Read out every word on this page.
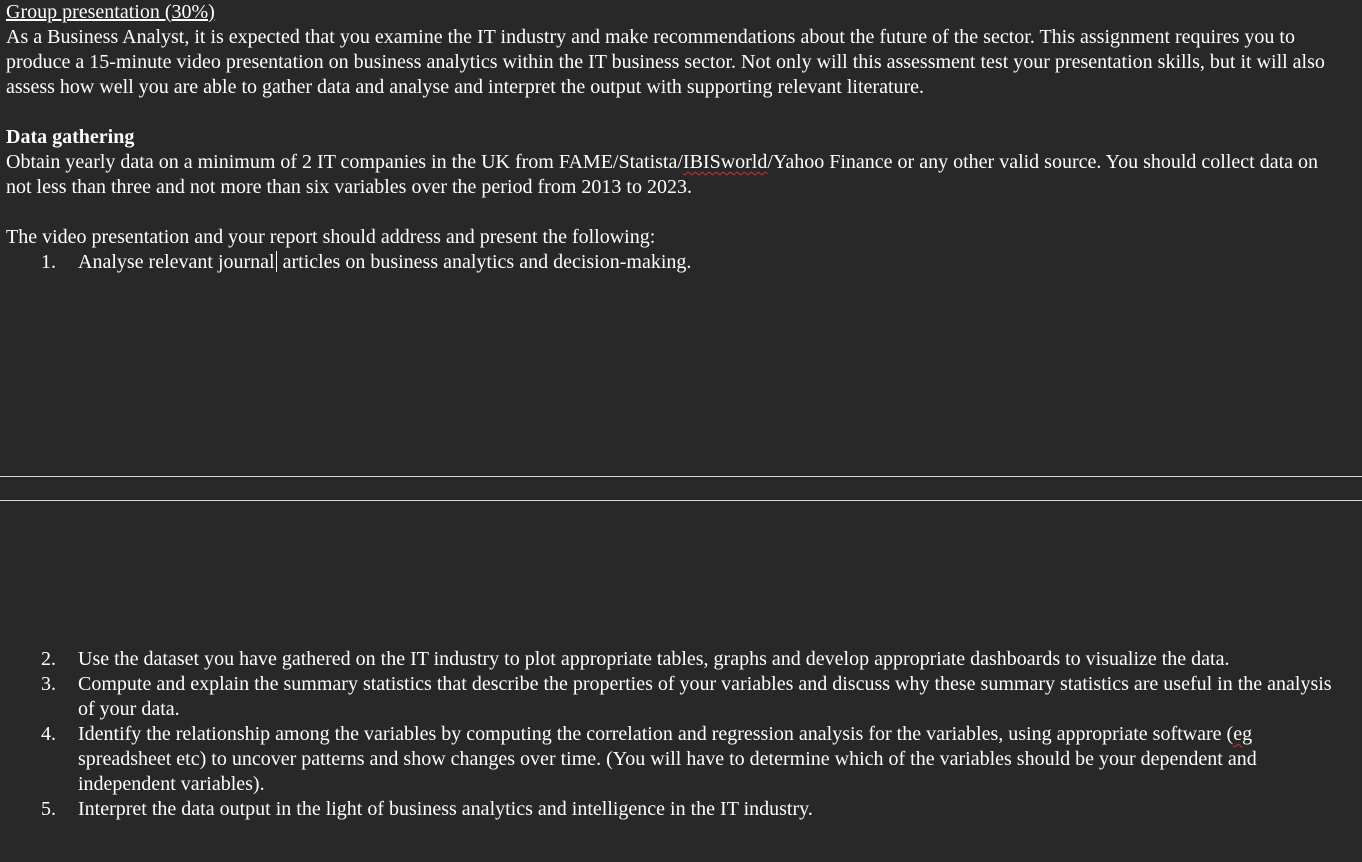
Group presentation (30%)

As a Business Analyst, it is expected that you examine the IT industry and make recommendations about the future of the sector. This assignment requires you to produce a 15-minute video presentation on business analytics within the IT business sector. Not only will this assessment test your presentation skills, but it will also assess how well you are able to gather data and analyse and interpret the output with supporting relevant literature.

Data gathering

Obtain yearly data on a minimum of 2 IT companies in the UK from FAME/Statista/IBISworld/Yahoo Finance or any other valid source. You should collect data on not less than three and not more than six variables over the period from 2013 to 2023.

The video presentation and your report should address and present the following:

1. Analyse relevant journal articles on business analytics and decision-making.
2. Use the dataset you have gathered on the IT industry to plot appropriate tables, graphs and develop appropriate dashboards to visualize the data.
3. Compute and explain the summary statistics that describe the properties of your variables and discuss why these summary statistics are useful in the analysis of your data.
4. Identify the relationship among the variables by computing the correlation and regression analysis for the variables, using appropriate software (eg spreadsheet etc) to uncover patterns and show changes over time. (You will have to determine which of the variables should be your dependent and independent variables).
5. Interpret the data output in the light of business analytics and intelligence in the IT industry.
